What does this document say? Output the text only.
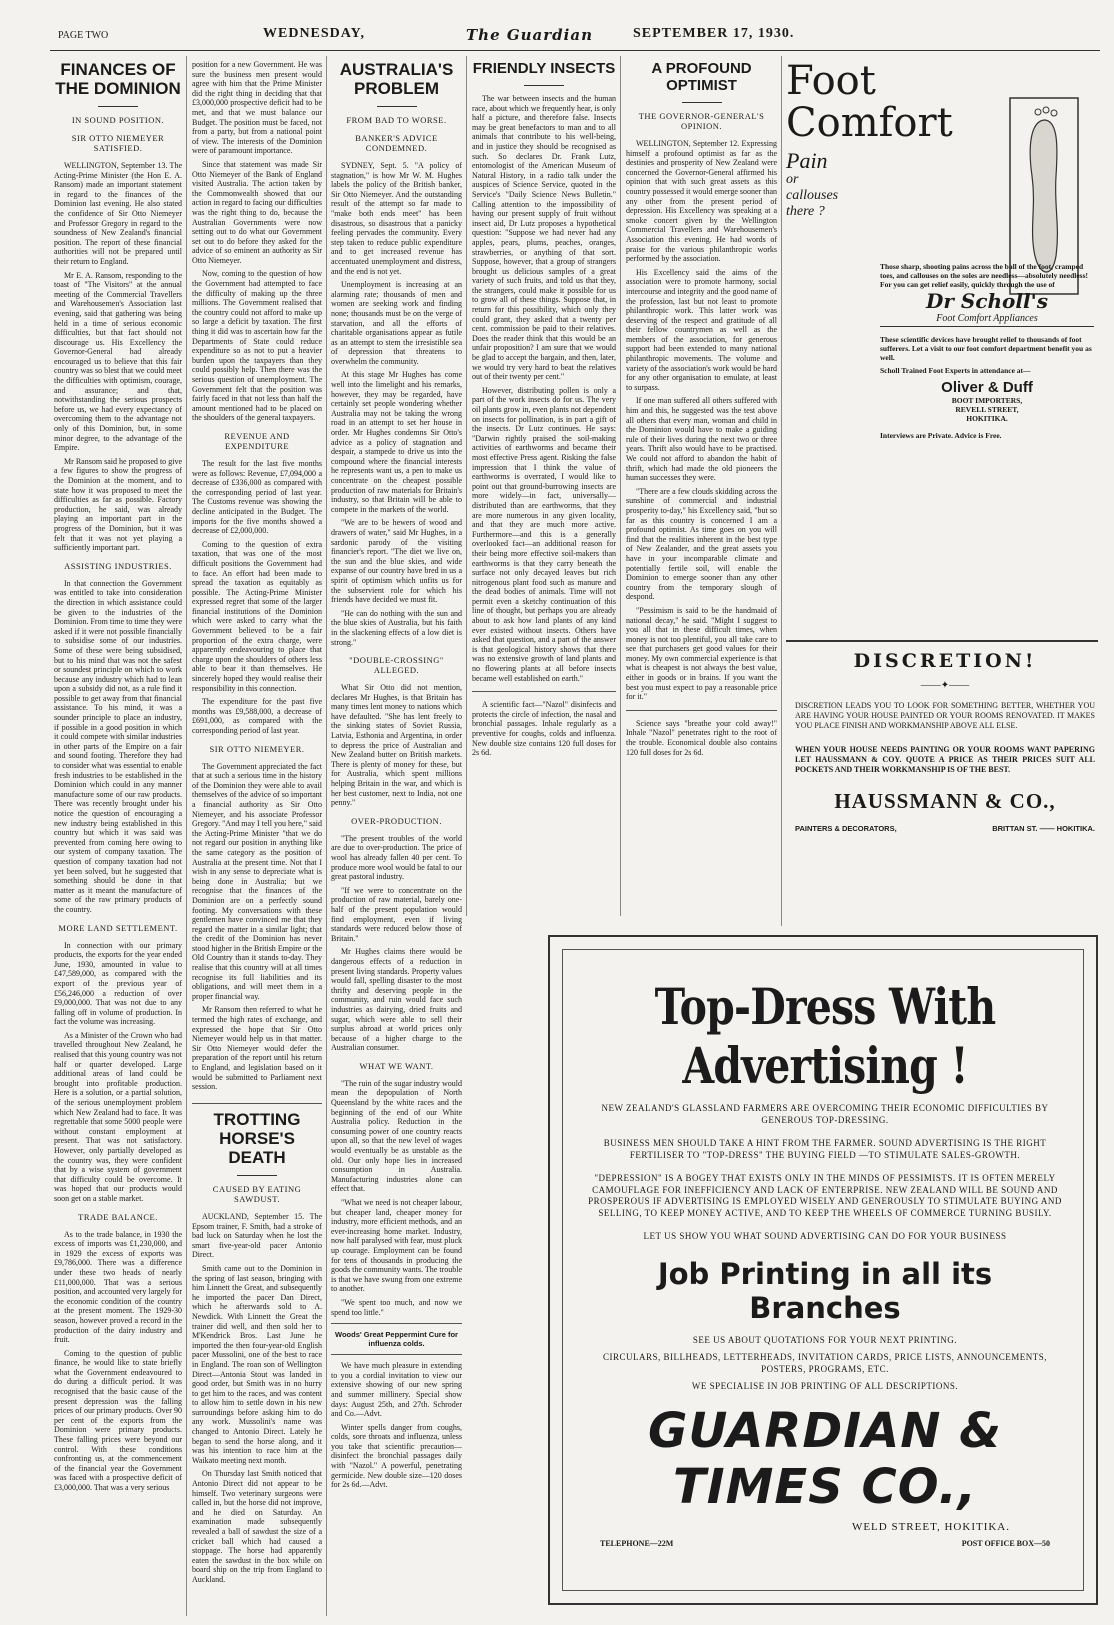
PAGE TWO	WEDNESDAY,	The Guardian	SEPTEMBER 17, 1930.
FINANCES OF THE DOMINION
IN SOUND POSITION.
SIR OTTO NIEMEYER SATISFIED.

WELLINGTON, September 13. The Acting-Prime Minister (the Hon E. A. Ransom) made an important statement in regard to the finances of the Dominion last evening. He also stated the confidence of Sir Otto Niemeyer and Professor Gregory in regard to the soundness of New Zealand's financial position. The report of these financial authorities will not be prepared until their return to England.

Mr E. A. Ransom, responding to the toast of "The Visitors" at the annual meeting of the Commercial Travellers and Warehousemen's Association last evening, said that gathering was being held in a time of serious economic difficulties, but that fact should not discourage us. His Excellency the Governor-General had already encouraged us to believe that this fair country was so blest that we could meet the difficulties with optimism, courage, and assurance; and that, notwithstanding the serious prospects before us, we had every expectancy of overcoming them to the advantage not only of this Dominion, but, in some minor degree, to the advantage of the Empire.

Mr Ransom said he proposed to give a few figures to show the progress of the Dominion at the moment, and to state how it was proposed to meet the difficulties as far as possible. Factory production, he said, was already playing an important part in the progress of the Dominion, but it was felt that it was not yet playing a sufficiently important part.

ASSISTING INDUSTRIES.

In that connection the Government was entitled to take into consideration the direction in which assistance could be given to the industries of the Dominion. From time to time they were asked if it were not possible financially to subsidise some of our industries. Some of these were being subsidised, but to his mind that was not the safest or soundest principle on which to work because any industry which had to lean upon a subsidy did not, as a rule find it possible to get away from that financial assistance. To his mind, it was a sounder principle to place an industry, if possible in a good position in which it could compete with similar industries in other parts of the Empire on a fair and sound footing. Therefore they had to consider what was essential to enable fresh industries to be established in the Dominion which could in any manner manufacture some of our raw products. There was recently brought under his notice the question of encouraging a new industry being established in this country but which it was said was prevented from coming here owing to our system of company taxation. The question of company taxation had not yet been solved, but he suggested that something should be done in that matter as it meant the manufacture of some of the raw primary products of the country.

MORE LAND SETTLEMENT.

In connection with our primary products, the exports for the year ended June, 1930, amounted in value to £47,589,000, as compared with the export of the previous year of £56,246,000 a reduction of over £9,000,000. That was not due to any falling off in volume of production. In fact the volume was increasing.

As a Minister of the Crown who had travelled throughout New Zealand, he realised that this young country was not half or quarter developed. Large additional areas of land could be brought into profitable production. Here is a solution, or a partial solution, of the serious unemployment problem which New Zealand had to face. It was regrettable that some 5000 people were without constant employment at present. That was not satisfactory. However, only partially developed as the country was, they were confident that by a wise system of government that difficulty could be overcome. It was hoped that our products would soon get on a stable market.

TRADE BALANCE.

As to the trade balance, in 1930 the excess of imports was £1,230,000, and in 1929 the excess of exports was £9,786,000. There was a difference under these two heads of nearly £11,000,000. That was a serious position, and accounted very largely for the economic condition of the country at the present moment. The 1929-30 season, however proved a record in the production of the dairy industry and fruit.

Coming to the question of public finance, he would like to state briefly what the Government endeavoured to do during a difficult period. It was recognised that the basic cause of the present depression was the falling prices of our primary products. Over 90 per cent of the exports from the Dominion were primary products. These falling prices were beyond our control. With these conditions confronting us, at the commencement of the financial year the Government was faced with a prospective deficit of £3,000,000. That was a very serious

position for a new Government. He was sure the business men present would agree with him that the Prime Minister did the right thing in deciding that that £3,000,000 prospective deficit had to be met, and that we must balance our Budget. The position must be faced, not from a party, but from a national point of view. The interests of the Dominion were of paramount importance.

Since that statement was made Sir Otto Niemeyer of the Bank of England visited Australia. The action taken by the Commonwealth showed that our action in regard to facing our difficulties was the right thing to do, because the Australian Governments were now setting out to do what our Government set out to do before they asked for the advice of so eminent an authority as Sir Otto Niemeyer.

Now, coming to the question of how the Government had attempted to face the difficulty of making up the three millions. The Government realised that the country could not afford to make up so large a deficit by taxation. The first thing it did was to ascertain how far the Departments of State could reduce expenditure so as not to put a heavier burden upon the taxpayers than they could possibly help. Then there was the serious question of unemployment. The Government felt that the position was fairly faced in that not less than half the amount mentioned had to be placed on the shoulders of the general taxpayers.

REVENUE AND EXPENDITURE

The result for the last five months were as follows: Revenue, £7,094,000 a decrease of £336,000 as compared with the corresponding period of last year. The Customs revenue was showing the decline anticipated in the Budget. The imports for the five months showed a decrease of £2,000,000.

Coming to the question of extra taxation, that was one of the most difficult positions the Government had to face. An effort had been made to spread the taxation as equitably as possible. The Acting-Prime Minister expressed regret that some of the larger financial institutions of the Dominion which were asked to carry what the Government believed to be a fair proportion of the extra charge, were apparently endeavouring to place that charge upon the shoulders of others less able to bear it than themselves. He sincerely hoped they would realise their responsibility in this connection.

The expenditure for the past five months was £9,588,000, a decrease of £691,000, as compared with the corresponding period of last year.

SIR OTTO NIEMEYER.

The Government appreciated the fact that at such a serious time in the history of the Dominion they were able to avail themselves of the advice of so important a financial authority as Sir Otto Niemeyer, and his associate Professor Gregory. "And may I tell you here," said the Acting-Prime Minister "that we do not regard our position in anything like the same category as the position of Australia at the present time. Not that I wish in any sense to depreciate what is being done in Australia; but we recognise that the finances of the Dominion are on a perfectly sound footing. My conversations with these gentlemen have convinced me that they regard the matter in a similar light; that the credit of the Dominion has never stood higher in the British Empire or the Old Country than it stands to-day. They realise that this country will at all times recognise its full liabilities and its obligations, and will meet them in a proper financial way.

Mr Ransom then referred to what he termed the high rates of exchange, and expressed the hope that Sir Otto Niemeyer would help us in that matter. Sir Otto Niemeyer would defer the preparation of the report until his return to England, and legislation based on it would be submitted to Parliament next session.

TROTTING HORSE'S DEATH
CAUSED BY EATING SAWDUST.

AUCKLAND, September 15. The Epsom trainer, F. Smith, had a stroke of bad luck on Saturday when he lost the smart five-year-old pacer Antonio Direct.

Smith came out to the Dominion in the spring of last season, bringing with him Linnett the Great, and subsequently he imported the pacer Dan Direct, which he afterwards sold to A. Newdick. With Linnett the Great the trainer did well, and then sold her to M'Kendrick Bros. Last June he imported the then four-year-old English pacer Mussolini, one of the best to race in England. The roan son of Wellington Direct—Antonia Stout was landed in good order, but Smith was in no hurry to get him to the races, and was content to allow him to settle down in his new surroundings before asking him to do any work. Mussolini's name was changed to Antonio Direct. Lately he began to send the horse along, and it was his intention to race him at the Waikato meeting next month.

On Thursday last Smith noticed that Antonio Direct did not appear to be himself. Two veterinary surgeons were called in, but the horse did not improve, and he died on Saturday. An examination made subsequently revealed a ball of sawdust the size of a cricket ball which had caused a stoppage. The horse had apparently eaten the sawdust in the box while on board ship on the trip from England to Auckland.

AUSTRALIA'S PROBLEM
FROM BAD TO WORSE.
BANKER'S ADVICE CONDEMNED.

SYDNEY, Sept. 5. "A policy of stagnation," is how Mr W. M. Hughes labels the policy of the British banker, Sir Otto Niemeyer. And the outstanding result of the attempt so far made to "make both ends meet" has been disastrous, so disastrous that a panicky feeling pervades the community. Every step taken to reduce public expenditure and to get increased revenue has accentuated unemployment and distress, and the end is not yet.

Unemployment is increasing at an alarming rate; thousands of men and women are seeking work and finding none; thousands must be on the verge of starvation, and all the efforts of charitable organisations appear as futile as an attempt to stem the irresistible sea of depression that threatens to overwhelm the community.

At this stage Mr Hughes has come well into the limelight and his remarks, however, they may be regarded, have certainly set people wondering whether Australia may not be taking the wrong road in an attempt to set her house in order. Mr Hughes condemns Sir Otto's advice as a policy of stagnation and despair, a stampede to drive us into the compound where the financial interests he represents want us, a pen to make us concentrate on the cheapest possible production of raw materials for Britain's industry, so that Britain will be able to compete in the markets of the world.

"We are to be hewers of wood and drawers of water," said Mr Hughes, in a sardonic parody of the visiting financier's report. "The diet we live on, the sun and the blue skies, and wide expanse of our country have bred in us a spirit of optimism which unfits us for the subservient role for which his friends have decided we must fit.

"He can do nothing with the sun and the blue skies of Australia, but his faith in the slackening effects of a low diet is strong."

"DOUBLE-CROSSING" ALLEGED.

What Sir Otto did not mention, declares Mr Hughes, is that Britain has many times lent money to nations which have defaulted. "She has lent freely to the sinking states of Soviet Russia, Latvia, Esthonia and Argentina, in order to depress the price of Australian and New Zealand butter on British markets. There is plenty of money for these, but for Australia, which spent millions helping Britain in the war, and which is her best customer, next to India, not one penny."

OVER-PRODUCTION.

"The present troubles of the world are due to over-production. The price of wool has already fallen 40 per cent. To produce more wool would be fatal to our great pastoral industry.

"If we were to concentrate on the production of raw material, barely one-half of the present population would find employment, even if living standards were reduced below those of Britain."

Mr Hughes claims there would be dangerous effects of a reduction in present living standards. Property values would fall, spelling disaster to the most thrifty and deserving people in the community, and ruin would face such industries as dairying, dried fruits and sugar, which were able to sell their surplus abroad at world prices only because of a higher charge to the Australian consumer.

WHAT WE WANT.

"The ruin of the sugar industry would mean the depopulation of North Queensland by the white races and the beginning of the end of our White Australia policy. Reduction in the consuming power of one country reacts upon all, so that the new level of wages would eventually be as unstable as the old. Our only hope lies in increased consumption in Australia. Manufacturing industries alone can effect that.

"What we need is not cheaper labour, but cheaper land, cheaper money for industry, more efficient methods, and an ever-increasing home market. Industry, now half paralysed with fear, must pluck up courage. Employment can be found for tens of thousands in producing the goods the community wants. The trouble is that we have swung from one extreme to another.

"We spent too much, and now we spend too little."

Woods' Great Peppermint Cure for influenza colds.

We have much pleasure in extending to you a cordial invitation to view our extensive showing of our new spring and summer millinery. Special show days: August 25th, and 27th. Schroder and Co.—Advt.

Winter spells danger from coughs, colds, sore throats and influenza, unless you take that scientific precaution—disinfect the bronchial passages daily with "Nazol." A powerful, penetrating germicide. New double size—120 doses for 2s 6d.—Advt.

FRIENDLY INSECTS

The war between insects and the human race, about which we frequently hear, is only half a picture, and therefore false. Insects may be great benefactors to man and to all animals that contribute to his well-being, and in justice they should be recognised as such. So declares Dr. Frank Lutz, entomologist of the American Museum of Natural History, in a radio talk under the auspices of Science Service, quoted in the Service's "Daily Science News Bulletin." Calling attention to the impossibility of having our present supply of fruit without insect aid, Dr Lutz proposes a hypothetical question: "Suppose we had never had any apples, pears, plums, peaches, oranges, strawberries, or anything of that sort. Suppose, however, that a group of strangers brought us delicious samples of a great variety of such fruits, and told us that they, the strangers, could make it possible for us to grow all of these things. Suppose that, in return for this possibility, which only they could grant, they asked that a twenty per cent. commission be paid to their relatives. Does the reader think that this would be an unfair proposition? I am sure that we would be glad to accept the bargain, and then, later, we would try very hard to beat the relatives out of their twenty per cent."

However, distributing pollen is only a part of the work insects do for us. The very oil plants grow in, even plants not dependent on insects for pollination, is in part a gift of the insects. Dr Lutz continues. He says: "Darwin rightly praised the soil-making activities of earthworms and became their most effective Press agent. Risking the false impression that I think the value of earthworms is overrated, I would like to point out that ground-burrowing insects are more widely—in fact, universally—distributed than are earthworms, that they are more numerous in any given locality, and that they are much more active. Furthermore—and this is a generally overlooked fact—an additional reason for their being more effective soil-makers than earthworms is that they carry beneath the surface not only decayed leaves but rich nitrogenous plant food such as manure and the dead bodies of animals. Time will not permit even a sketchy continuation of this line of thought, but perhaps you are already about to ask how land plants of any kind ever existed without insects. Others have asked that question, and a part of the answer is that geological history shows that there was no extensive growth of land plants and no flowering plants at all before insects became well established on earth."

A scientific fact—"Nazol" disinfects and protects the circle of infection, the nasal and bronchial passages. Inhale regularly as a preventive for coughs, colds and influenza. New double size contains 120 full doses for 2s 6d.

A PROFOUND OPTIMIST
THE GOVERNOR-GENERAL'S OPINION.

WELLINGTON, September 12. Expressing himself a profound optimist as far as the destinies and prosperity of New Zealand were concerned the Governor-General affirmed his opinion that with such great assets as this country possessed it would emerge sooner than any other from the present period of depression. His Excellency was speaking at a smoke concert given by the Wellington Commercial Travellers and Warehousemen's Association this evening. He had words of praise for the various philanthropic works performed by the association.

His Excellency said the aims of the association were to promote harmony, social intercourse and integrity and the good name of the profession, last but not least to promote philanthropic work. This latter work was deserving of the respect and gratitude of all their fellow countrymen as well as the members of the association, for generous support had been extended to many national philanthropic movements. The volume and variety of the association's work would be hard for any other organisation to emulate, at least to surpass.

If one man suffered all others suffered with him and this, he suggested was the test above all others that every man, woman and child in the Dominion would have to make a guiding rule of their lives during the next two or three years. Thrift also would have to be practised. We could not afford to abandon the habit of thrift, which had made the old pioneers the human successes they were.

"There are a few clouds skidding across the sunshine of commercial and industrial prosperity to-day," his Excellency said, "but so far as this country is concerned I am a profound optimist. As time goes on you will find that the realities inherent in the best type of New Zealander, and the great assets you have in your incomparable climate and potentially fertile soil, will enable the Dominion to emerge sooner than any other country from the temporary slough of despond.

"Pessimism is said to be the handmaid of national decay," he said. "Might I suggest to you all that in these difficult times, when money is not too plentiful, you all take care to see that purchasers get good values for their money. My own commercial experience is that what is cheapest is not always the best value, either in goods or in brains. If you want the best you must expect to pay a reasonable price for it."

Science says "breathe your cold away!" Inhale "Nazol" penetrates right to the root of the trouble. Economical double also contains 120 full doses for 2s 6d.

Foot
Comfort
Pain
or
callouses
there ?

Those sharp, shooting pains across the ball of the foot, cramped toes, and callouses on the soles are needless—absolutely needless! For you can get relief easily, quickly through the use of

Dr Scholl's
Foot Comfort Appliances

These scientific devices have brought relief to thousands of foot sufferers. Let a visit to our foot comfort department benefit you as well.

Scholl Trained Foot Experts in attendance at—

Oliver & Duff
BOOT IMPORTERS,
REVELL STREET,
HOKITIKA.
Interviews are Private. Advice is Free.
DISCRETION!
——✦——

DISCRETION LEADS YOU TO LOOK FOR SOMETHING BETTER, WHETHER YOU ARE HAVING YOUR HOUSE PAINTED OR YOUR ROOMS RENOVATED. IT MAKES YOU PLACE FINISH AND WORKMANSHIP ABOVE ALL ELSE.

WHEN YOUR HOUSE NEEDS PAINTING OR YOUR ROOMS WANT PAPERING LET HAUSSMANN & COY. QUOTE A PRICE AS THEIR PRICES SUIT ALL POCKETS AND THEIR WORKMANSHIP IS OF THE BEST.

HAUSSMANN & CO.,
PAINTERS & DECORATORS,	BRITTAN ST. —— HOKITIKA.
Top-Dress With Advertising !

NEW ZEALAND'S GLASSLAND FARMERS ARE OVERCOMING THEIR ECONOMIC DIFFICULTIES BY GENEROUS TOP-DRESSING.

BUSINESS MEN SHOULD TAKE A HINT FROM THE FARMER. SOUND ADVERTISING IS THE RIGHT FERTILISER TO "TOP-DRESS" THE BUYING FIELD —TO STIMULATE SALES-GROWTH.

"DEPRESSION" IS A BOGEY THAT EXISTS ONLY IN THE MINDS OF PESSIMISTS. IT IS OFTEN MERELY CAMOUFLAGE FOR INEFFICIENCY AND LACK OF ENTERPRISE. NEW ZEALAND WILL BE SOUND AND PROSPEROUS IF ADVERTISING IS EMPLOYED WISELY AND GENEROUSLY TO STIMULATE BUYING AND SELLING, TO KEEP MONEY ACTIVE, AND TO KEEP THE WHEELS OF COMMERCE TURNING BUSILY.

LET US SHOW YOU WHAT SOUND ADVERTISING CAN DO FOR YOUR BUSINESS

Job Printing in all its Branches

SEE US ABOUT QUOTATIONS FOR YOUR NEXT PRINTING.

CIRCULARS, BILLHEADS, LETTERHEADS, INVITATION CARDS, PRICE LISTS, ANNOUNCEMENTS, POSTERS, PROGRAMS, ETC.

WE SPECIALISE IN JOB PRINTING OF ALL DESCRIPTIONS.

GUARDIAN & TIMES CO.,
WELD STREET, HOKITIKA.
TELEPHONE—22M	POST OFFICE BOX—50
